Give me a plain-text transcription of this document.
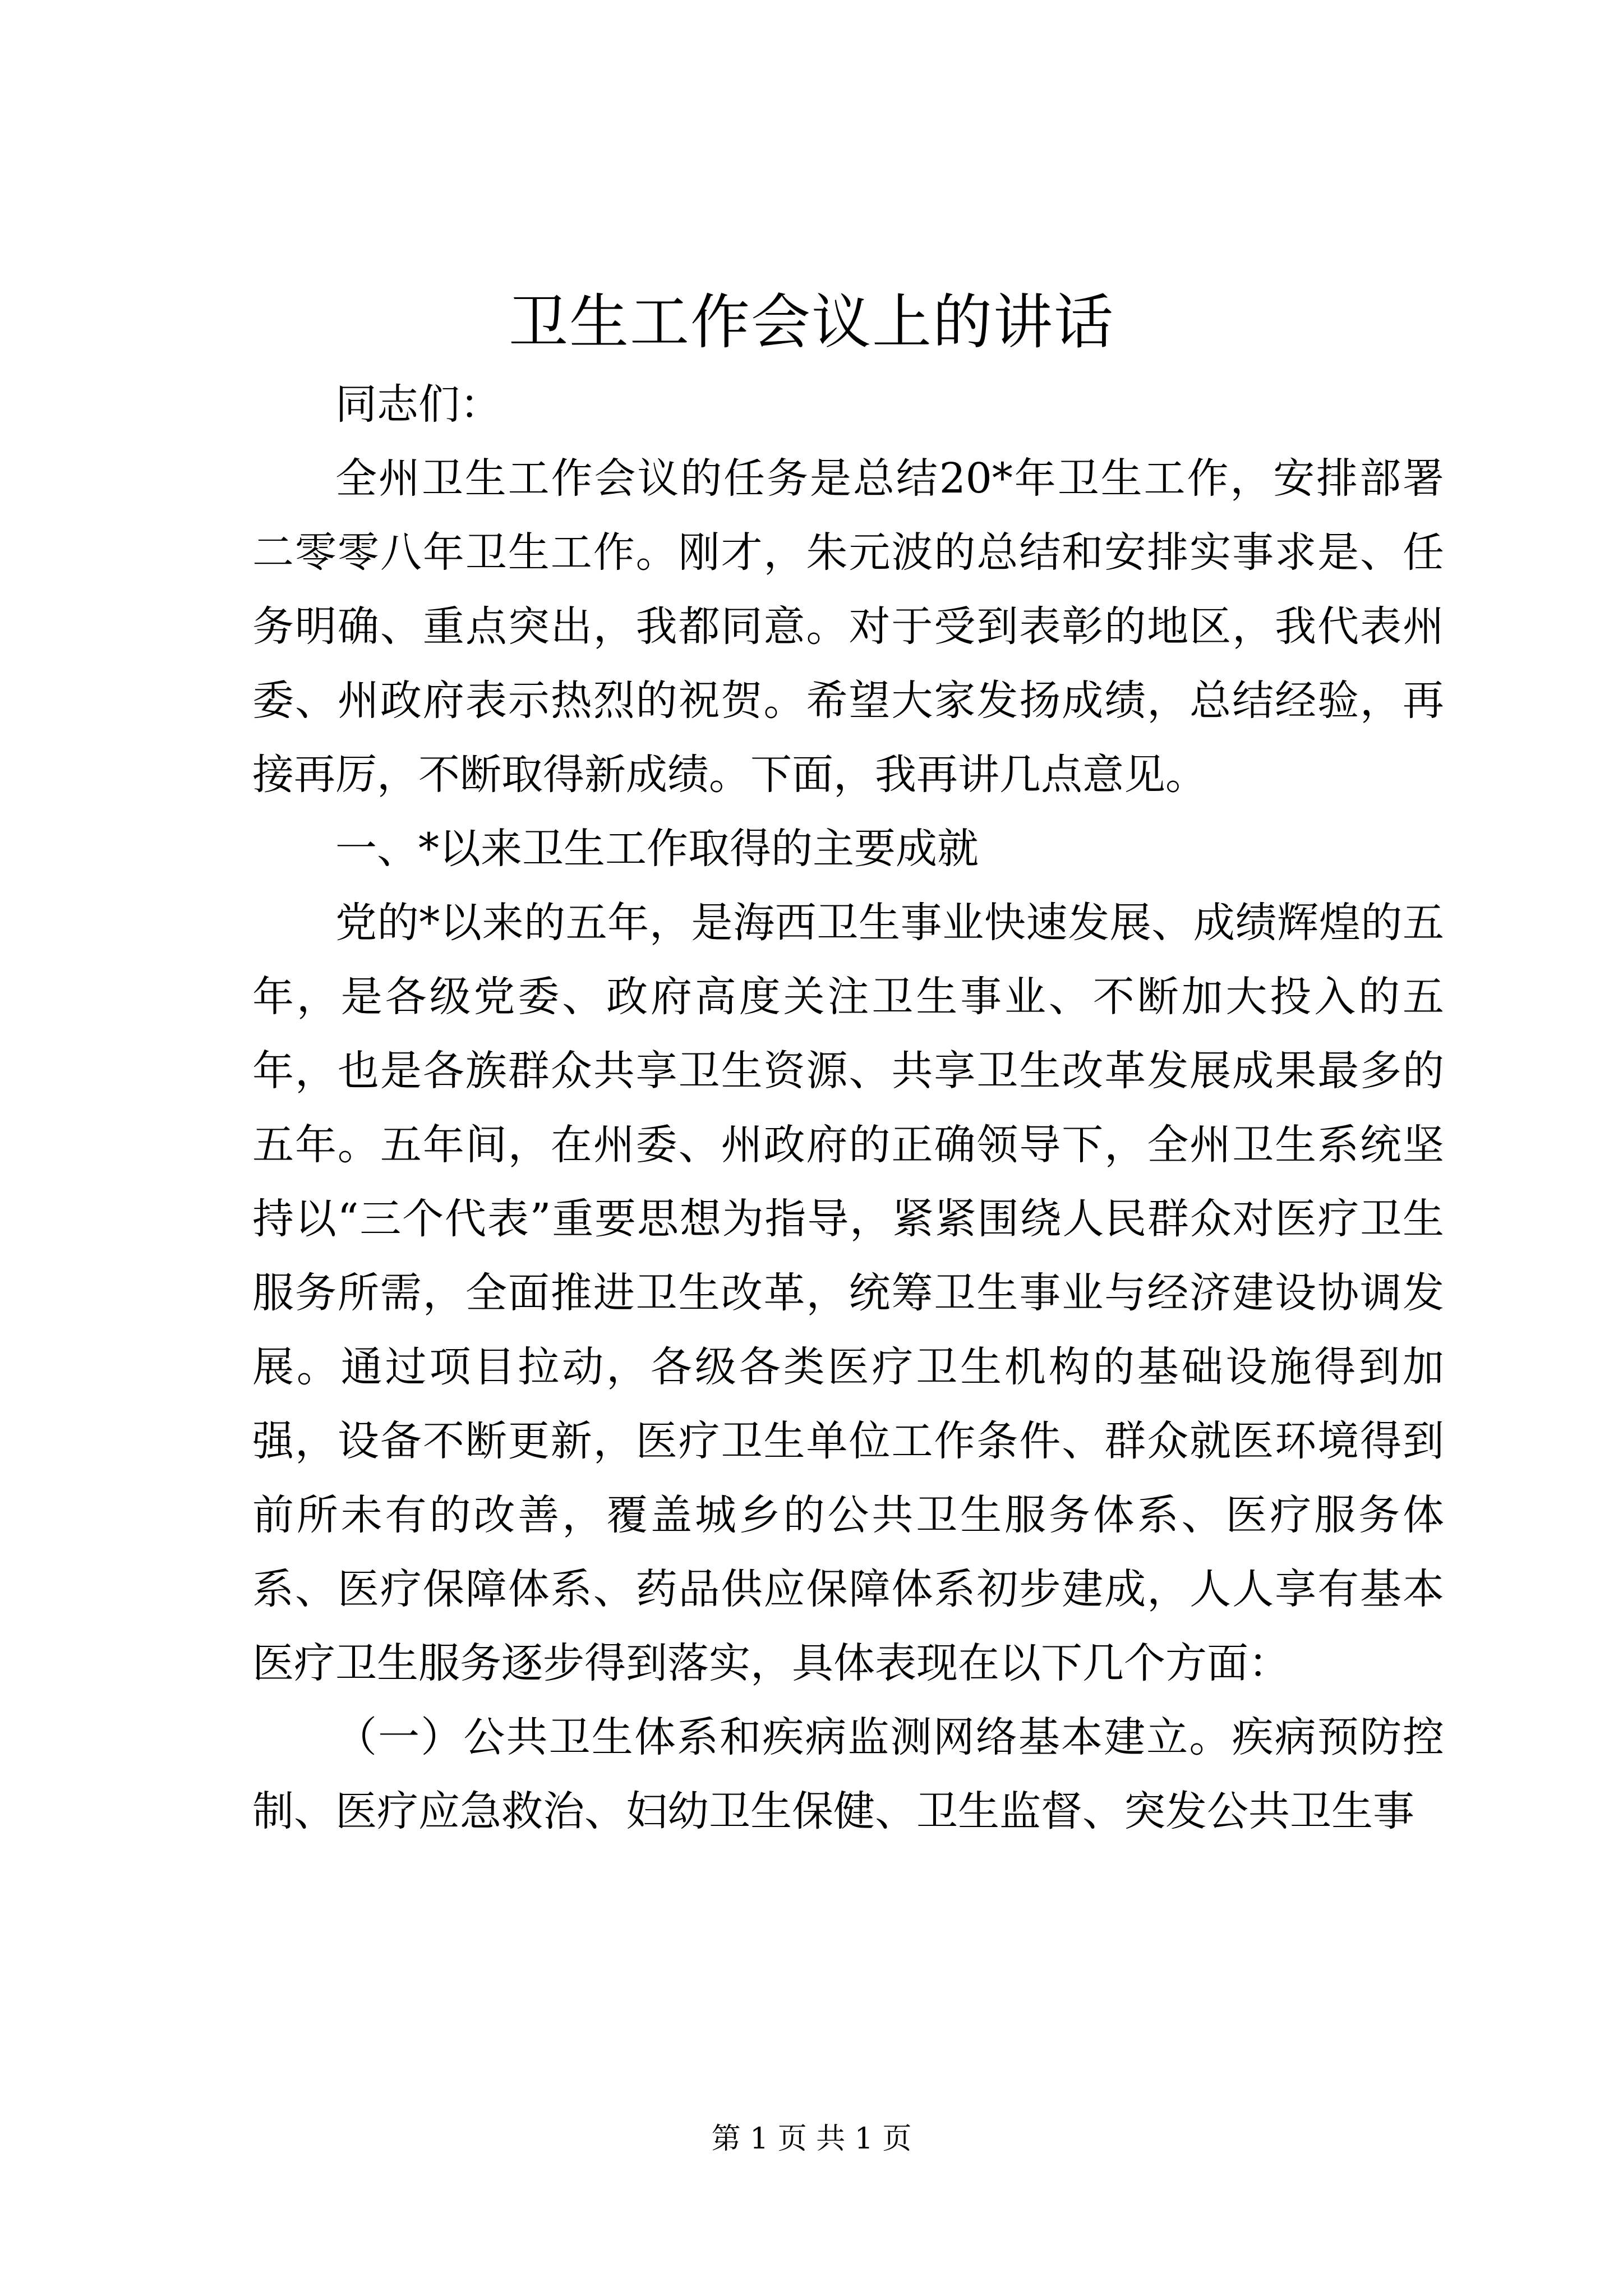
卫生工作会议上的讲话

同志们：

全州卫生工作会议的任务是总结20*年卫生工作，安排部署二零零八年卫生工作。刚才，朱元波的总结和安排实事求是、任务明确、重点突出，我都同意。对于受到表彰的地区，我代表州委、州政府表示热烈的祝贺。希望大家发扬成绩，总结经验，再接再厉，不断取得新成绩。下面，我再讲几点意见。

一、*以来卫生工作取得的主要成就

党的*以来的五年，是海西卫生事业快速发展、成绩辉煌的五年，是各级党委、政府高度关注卫生事业、不断加大投入的五年，也是各族群众共享卫生资源、共享卫生改革发展成果最多的五年。五年间，在州委、州政府的正确领导下，全州卫生系统坚持以“三个代表”重要思想为指导，紧紧围绕人民群众对医疗卫生服务所需，全面推进卫生改革，统筹卫生事业与经济建设协调发展。通过项目拉动，各级各类医疗卫生机构的基础设施得到加强，设备不断更新，医疗卫生单位工作条件、群众就医环境得到前所未有的改善，覆盖城乡的公共卫生服务体系、医疗服务体系、医疗保障体系、药品供应保障体系初步建成，人人享有基本医疗卫生服务逐步得到落实，具体表现在以下几个方面：

（一）公共卫生体系和疾病监测网络基本建立。疾病预防控制、医疗应急救治、妇幼卫生保健、卫生监督、突发公共卫生事

第 1 页 共 1 页
